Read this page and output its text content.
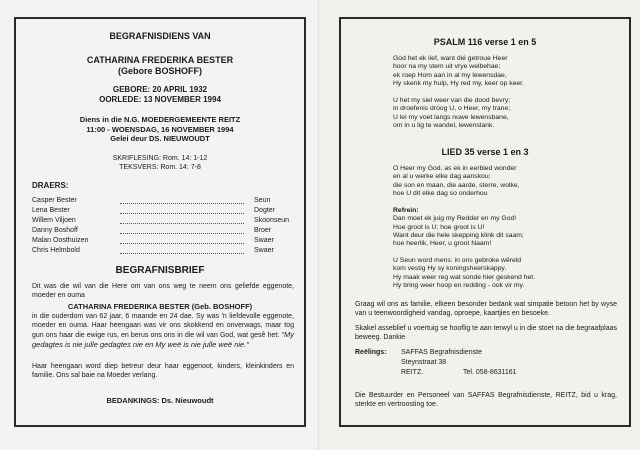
BEGRAFNISDIENS VAN
CATHARINA FREDERIKA BESTER
(Gebore BOSHOFF)
GEBORE: 20 APRIL 1932
OORLEDE: 13 NOVEMBER 1994
Diens in die N.G. MOEDERGEMEENTE REITZ
11:00 - WOENSDAG, 16 NOVEMBER 1994
Gelei deur DS. NIEUWOUDT
SKRIFLESING: Rom. 14: 1-12
TEKSVERS: Rom. 14: 7-8
DRAERS:
Casper Bester	Seun
Lena Bester	Dogter
Willem Viljoen	Skoonseun
Danny Boshoff	Broer
Malan Oosthuizen	Swaer
Chris Helmbold	Swaer
BEGRAFNISBRIEF
Dit was die wil van die Here om van ons weg te neem ons geliefde eggenote, moeder en ouma
CATHARINA FREDERIKA BESTER (Geb. BOSHOFF)
in die ouderdom van 62 jaar, 6 maande en 24 dae. Sy was 'n liefdevolle eggenote, moeder en ouma. Haar heengaan was vir ons skokkend en onverwags, maar tog gun ons haar die ewige rus, en berus ons ons in die wil van God, wat gesê het: "My gedagtes is nie julle gedagtes nie en My weë is nie julle weë nie."
Haar heengaan word diep betreur deur haar eggenoot, kinders, kleinkinders en familie. Ons sal baie na Moeder verlang.
BEDANKINGS: Ds. Nieuwoudt
PSALM 116 verse 1 en 5

God het ek lief, want dié getroue Heer

hoor na my stem uit vrye welbehae;

ek roep Hom aan in al my lewensdae,

Hy skenk my hulp, Hy red my, keer op keer.

U het my siel weer van die dood bevry;

in droefenis droog U, o Heer, my trane;

U lei my voet langs nuwe lewensbane,

om in u lig te wandel, lewenslank.

LIED 35 verse 1 en 3

O Heer my God, as ek in eerbied wonder

en al u werke elke dag aanskou;

die son en maan, die aarde, sterre, wolke,

hoe U dit elke dag so onderhou

Refrein:

Dan moet ek juig my Redder en my God!

Hoe groot is U; hoe groot is U!

Want deur die hele skepping klink dit saam;

hoe heerlik, Heer, u groot Naam!

U Seun word mens: in ons gebroke wêreld

kom vestig Hy sy koningsheerskappy.

Hy maak weer reg wat sonde hier geskend het.

Hy bring weer hoop en redding - ook vir my.

Graag wil ons as familie, elkeen besonder bedank wat simpatie betoon het by wyse van u teenwoordigheid vandag, oproepe, kaartjies en besoeke.
Skakel asseblief u voertuig se hooflig te aan terwyl u in die stoet na die begraafplaas beweeg. Dankie
Reëlings: SAFFAS Begrafnisdienste
Steynstraat 38
REITZ.	Tel. 058-8631161
Die Bestuurder en Personeel van SAFFAS Begrafnisdienste, REITZ, bid u krag, sterkte en vertroosting toe.
